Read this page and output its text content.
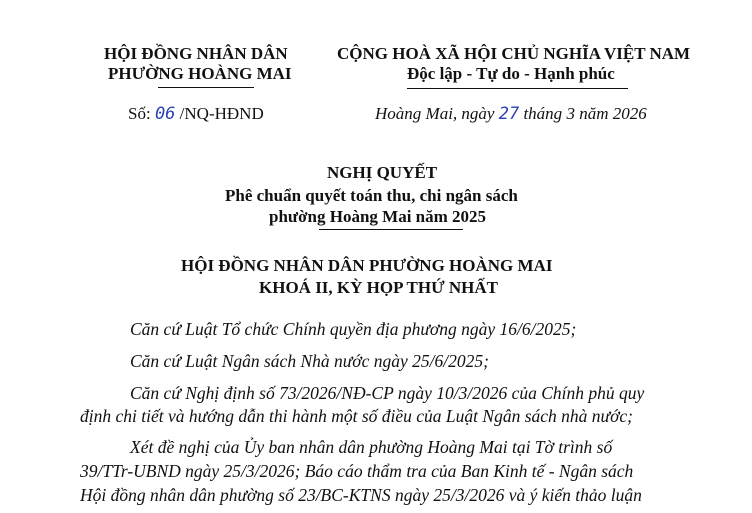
HỘI ĐỒNG NHÂN DÂN
PHƯỜNG HOÀNG MAI
CỘNG HOÀ XÃ HỘI CHỦ NGHĨA VIỆT NAM
Độc lập - Tự do - Hạnh phúc
Số: 06 /NQ-HĐND	Hoàng Mai, ngày 27 tháng 3 năm 2026
NGHỊ QUYẾT
Phê chuẩn quyết toán thu, chi ngân sách
phường Hoàng Mai năm 2025
HỘI ĐỒNG NHÂN DÂN PHƯỜNG HOÀNG MAI
KHOÁ II, KỲ HỌP THỨ NHẤT
Căn cứ Luật Tổ chức Chính quyền địa phương ngày 16/6/2025;
Căn cứ Luật Ngân sách Nhà nước ngày 25/6/2025;
Căn cứ Nghị định số 73/2026/NĐ-CP ngày 10/3/2026 của Chính phủ quy
định chi tiết và hướng dẫn thi hành một số điều của Luật Ngân sách nhà nước;
Xét đề nghị của Ủy ban nhân dân phường Hoàng Mai tại Tờ trình số
39/TTr-UBND ngày 25/3/2026; Báo cáo thẩm tra của Ban Kinh tế - Ngân sách
Hội đồng nhân dân phường số 23/BC-KTNS ngày 25/3/2026 và ý kiến thảo luận
